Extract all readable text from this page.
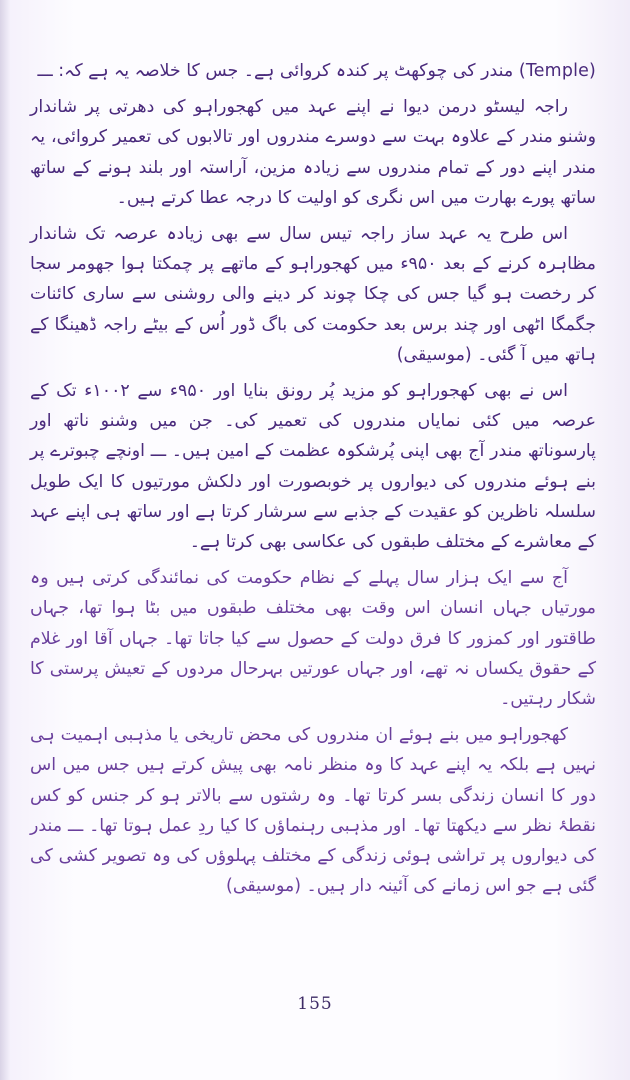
(Temple) مندر کی چوکھٹ پر کندہ کروائی ہے۔ جس کا خلاصہ یہ ہے کہ: ـــ

راجہ لیسٹو درمن دیوا نے اپنے عہد میں کھجوراہو کی دھرتی پر شاندار وشنو مندر کے علاوہ بہت سے دوسرے مندروں اور تالابوں کی تعمیر کروائی، یہ مندر اپنے دور کے تمام مندروں سے زیادہ مزین، آراستہ اور بلند ہونے کے ساتھ ساتھ پورے بھارت میں اس نگری کو اولیت کا درجہ عطا کرتے ہیں۔

اس طرح یہ عہد ساز راجہ تیس سال سے بھی زیادہ عرصہ تک شاندار مظاہرہ کرنے کے بعد ۹۵۰ء میں کھجوراہو کے ماتھے پر چمکتا ہوا جھومر سجا کر رخصت ہو گیا جس کی چکا چوند کر دینے والی روشنی سے ساری کائنات جگمگا اٹھی اور چند برس بعد حکومت کی باگ ڈور اُس کے بیٹے راجہ ڈھینگا کے ہاتھ میں آ گئی۔ (موسیقی)

اس نے بھی کھجوراہو کو مزید پُر رونق بنایا اور ۹۵۰ء سے ۱۰۰۲ء تک کے عرصہ میں کئی نمایاں مندروں کی تعمیر کی۔ جن میں وشنو ناتھ اور پارسوناتھ مندر آج بھی اپنی پُرشکوہ عظمت کے امین ہیں۔ ـــ اونچے چبوترے پر بنے ہوئے مندروں کی دیواروں پر خوبصورت اور دلکش مورتیوں کا ایک طویل سلسلہ ناظرین کو عقیدت کے جذبے سے سرشار کرتا ہے اور ساتھ ہی اپنے عہد کے معاشرے کے مختلف طبقوں کی عکاسی بھی کرتا ہے۔

آج سے ایک ہزار سال پہلے کے نظام حکومت کی نمائندگی کرتی ہیں وہ مورتیاں جہاں انسان اس وقت بھی مختلف طبقوں میں بٹا ہوا تھا، جہاں طاقتور اور کمزور کا فرق دولت کے حصول سے کیا جاتا تھا۔ جہاں آقا اور غلام کے حقوق یکساں نہ تھے، اور جہاں عورتیں بہرحال مردوں کے تعیش پرستی کا شکار رہتیں۔

کھجوراہو میں بنے ہوئے ان مندروں کی محض تاریخی یا مذہبی اہمیت ہی نہیں ہے بلکہ یہ اپنے عہد کا وہ منظر نامہ بھی پیش کرتے ہیں جس میں اس دور کا انسان زندگی بسر کرتا تھا۔ وہ رشتوں سے بالاتر ہو کر جنس کو کس نقطۂ نظر سے دیکھتا تھا۔ اور مذہبی رہنماؤں کا کیا ردِ عمل ہوتا تھا۔ ـــ مندر کی دیواروں پر تراشی ہوئی زندگی کے مختلف پہلوؤں کی وہ تصویر کشی کی گئی ہے جو اس زمانے کی آئینہ دار ہیں۔ (موسیقی)

155
